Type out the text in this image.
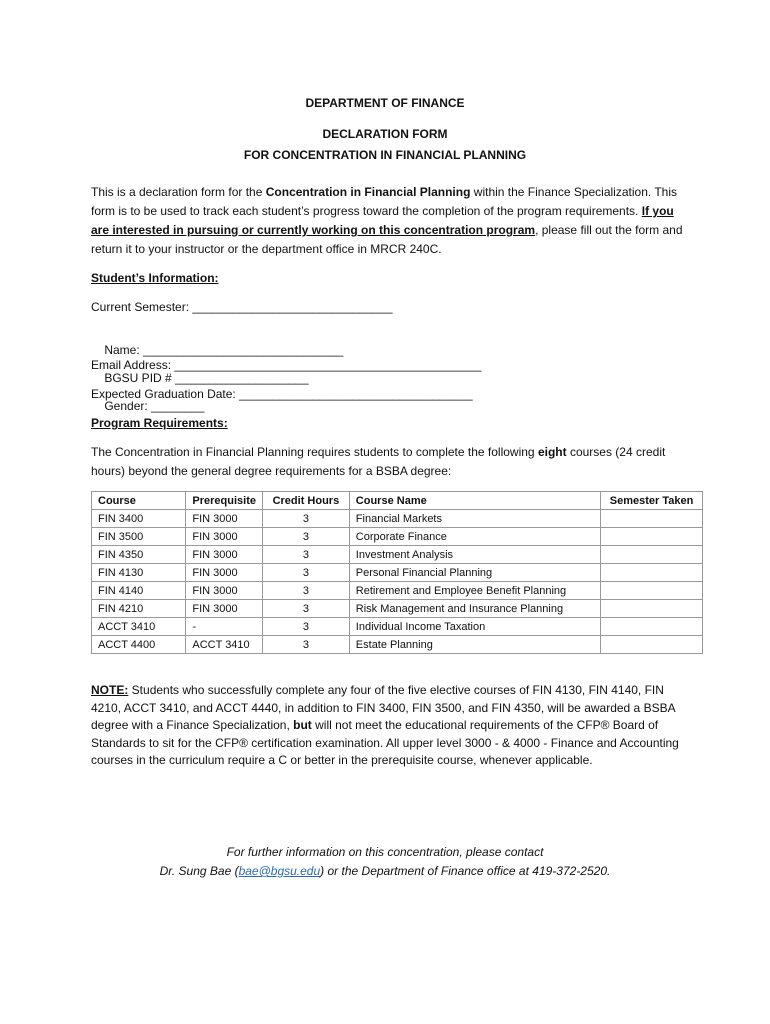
DEPARTMENT OF FINANCE
DECLARATION FORM
FOR CONCENTRATION IN FINANCIAL PLANNING
This is a declaration form for the Concentration in Financial Planning within the Finance Specialization. This form is to be used to track each student’s progress toward the completion of the program requirements. If you are interested in pursuing or currently working on this concentration program, please fill out the form and return it to your instructor or the department office in MRCR 240C.
Student’s Information:
Current Semester: ______________________________

Name: ______________________________

BGSU PID # ____________________

Gender: ________

Email Address: ______________________________________________
Expected Graduation Date: ___________________________________
Program Requirements:
The Concentration in Financial Planning requires students to complete the following eight courses (24 credit hours) beyond the general degree requirements for a BSBA degree:
Course	Prerequisite	Credit Hours	Course Name	Semester Taken
FIN 3400	FIN 3000	3	Financial Markets	
FIN 3500	FIN 3000	3	Corporate Finance	
FIN 4350	FIN 3000	3	Investment Analysis	
FIN 4130	FIN 3000	3	Personal Financial Planning	
FIN 4140	FIN 3000	3	Retirement and Employee Benefit Planning	
FIN 4210	FIN 3000	3	Risk Management and Insurance Planning	
ACCT 3410	-	3	Individual Income Taxation	
ACCT 4400	ACCT 3410	3	Estate Planning	
NOTE: Students who successfully complete any four of the five elective courses of FIN 4130, FIN 4140, FIN 4210, ACCT 3410, and ACCT 4440, in addition to FIN 3400, FIN 3500, and FIN 4350, will be awarded a BSBA degree with a Finance Specialization, but will not meet the educational requirements of the CFP® Board of Standards to sit for the CFP® certification examination. All upper level 3000 - & 4000 - Finance and Accounting courses in the curriculum require a C or better in the prerequisite course, whenever applicable.
For further information on this concentration, please contact
Dr. Sung Bae (bae@bgsu.edu) or the Department of Finance office at 419-372-2520.
